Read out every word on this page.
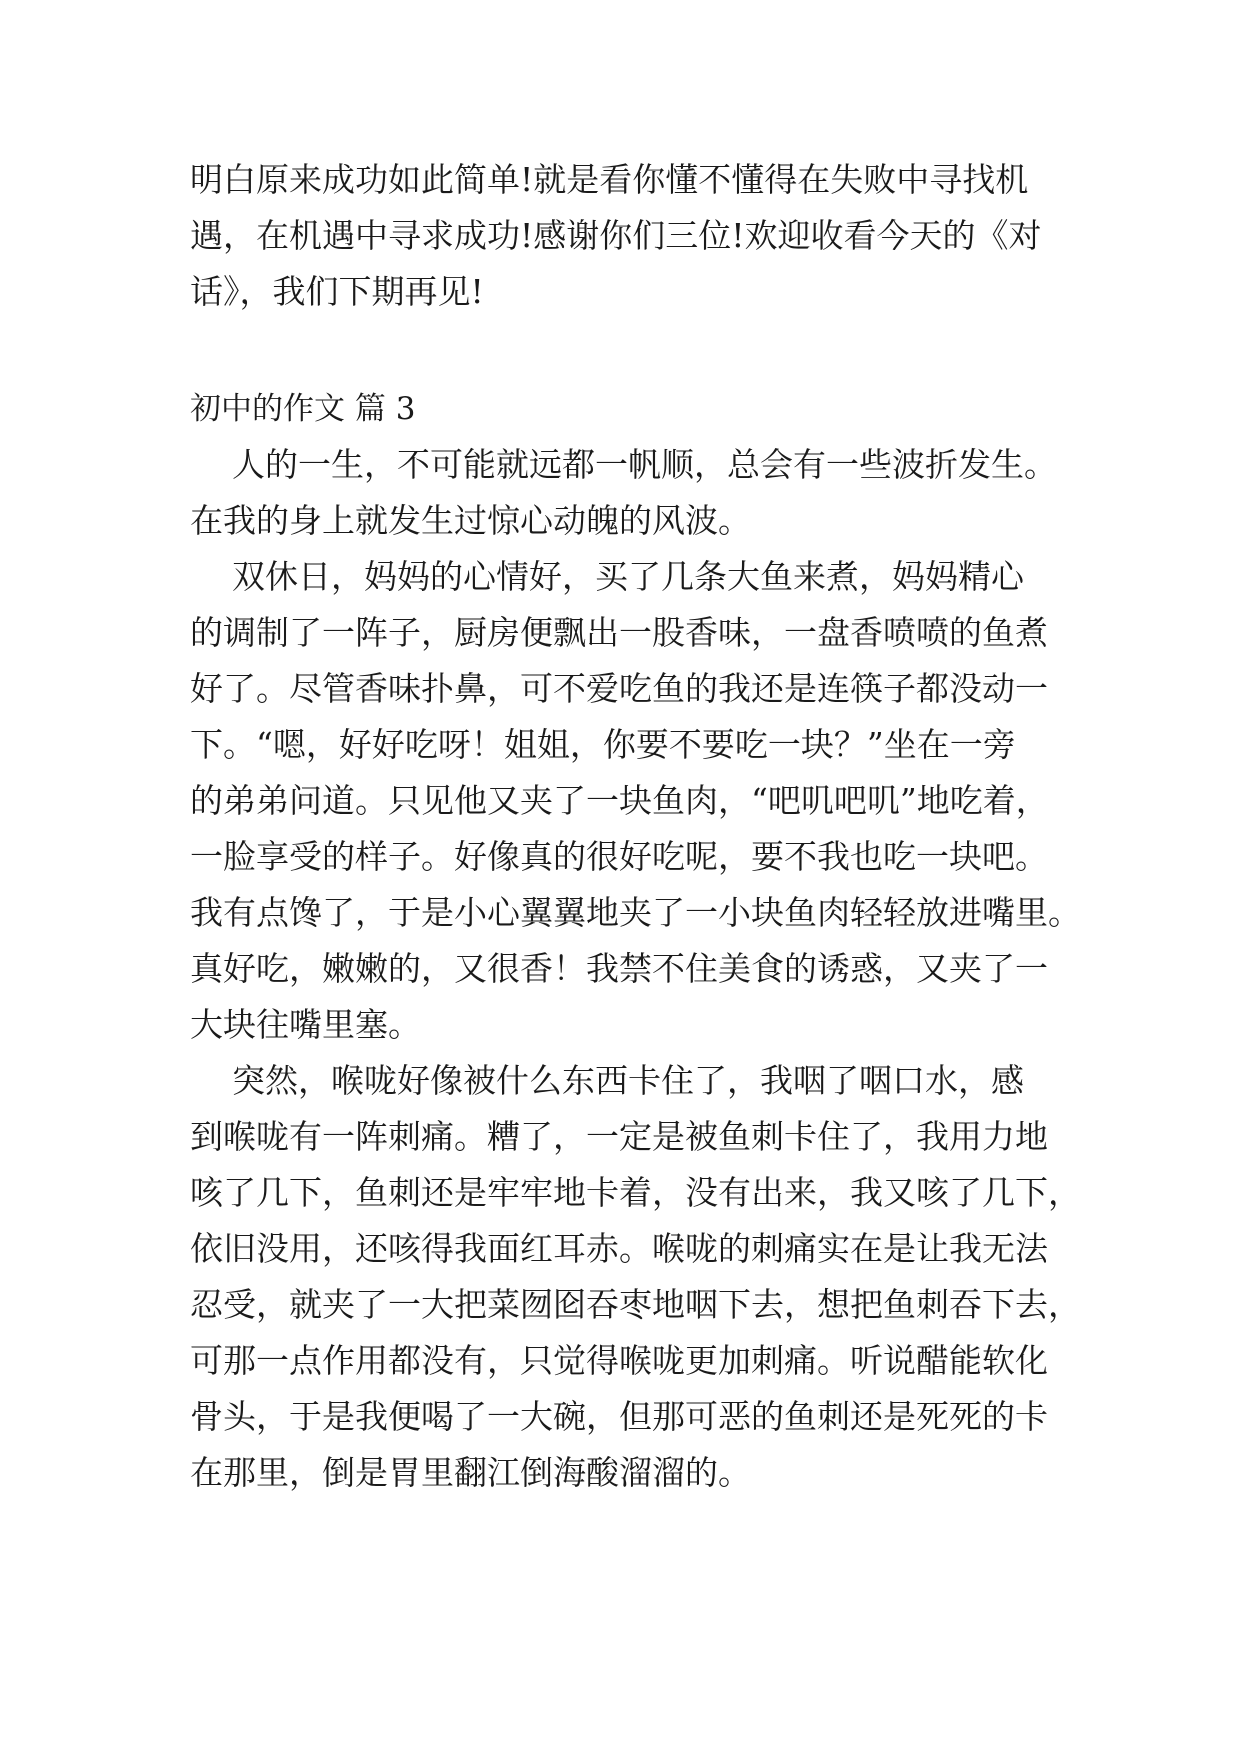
明白原来成功如此简单!就是看你懂不懂得在失败中寻找机
遇，在机遇中寻求成功!感谢你们三位!欢迎收看今天的《对
话》，我们下期再见!
初中的作文 篇 3
人的一生，不可能就远都一帆顺，总会有一些波折发生。
在我的身上就发生过惊心动魄的风波。
双休日，妈妈的心情好，买了几条大鱼来煮，妈妈精心
的调制了一阵子，厨房便飘出一股香味，一盘香喷喷的鱼煮
好了。尽管香味扑鼻，可不爱吃鱼的我还是连筷子都没动一
下。“嗯，好好吃呀！姐姐，你要不要吃一块？”坐在一旁
的弟弟问道。只见他又夹了一块鱼肉，“吧叽吧叽”地吃着，
一脸享受的样子。好像真的很好吃呢，要不我也吃一块吧。
我有点馋了，于是小心翼翼地夹了一小块鱼肉轻轻放进嘴里。
真好吃，嫩嫩的，又很香！我禁不住美食的诱惑，又夹了一
大块往嘴里塞。
突然，喉咙好像被什么东西卡住了，我咽了咽口水，感
到喉咙有一阵刺痛。糟了，一定是被鱼刺卡住了，我用力地
咳了几下，鱼刺还是牢牢地卡着，没有出来，我又咳了几下，
依旧没用，还咳得我面红耳赤。喉咙的刺痛实在是让我无法
忍受，就夹了一大把菜囫囵吞枣地咽下去，想把鱼刺吞下去，
可那一点作用都没有，只觉得喉咙更加刺痛。听说醋能软化
骨头，于是我便喝了一大碗，但那可恶的鱼刺还是死死的卡
在那里，倒是胃里翻江倒海酸溜溜的。
